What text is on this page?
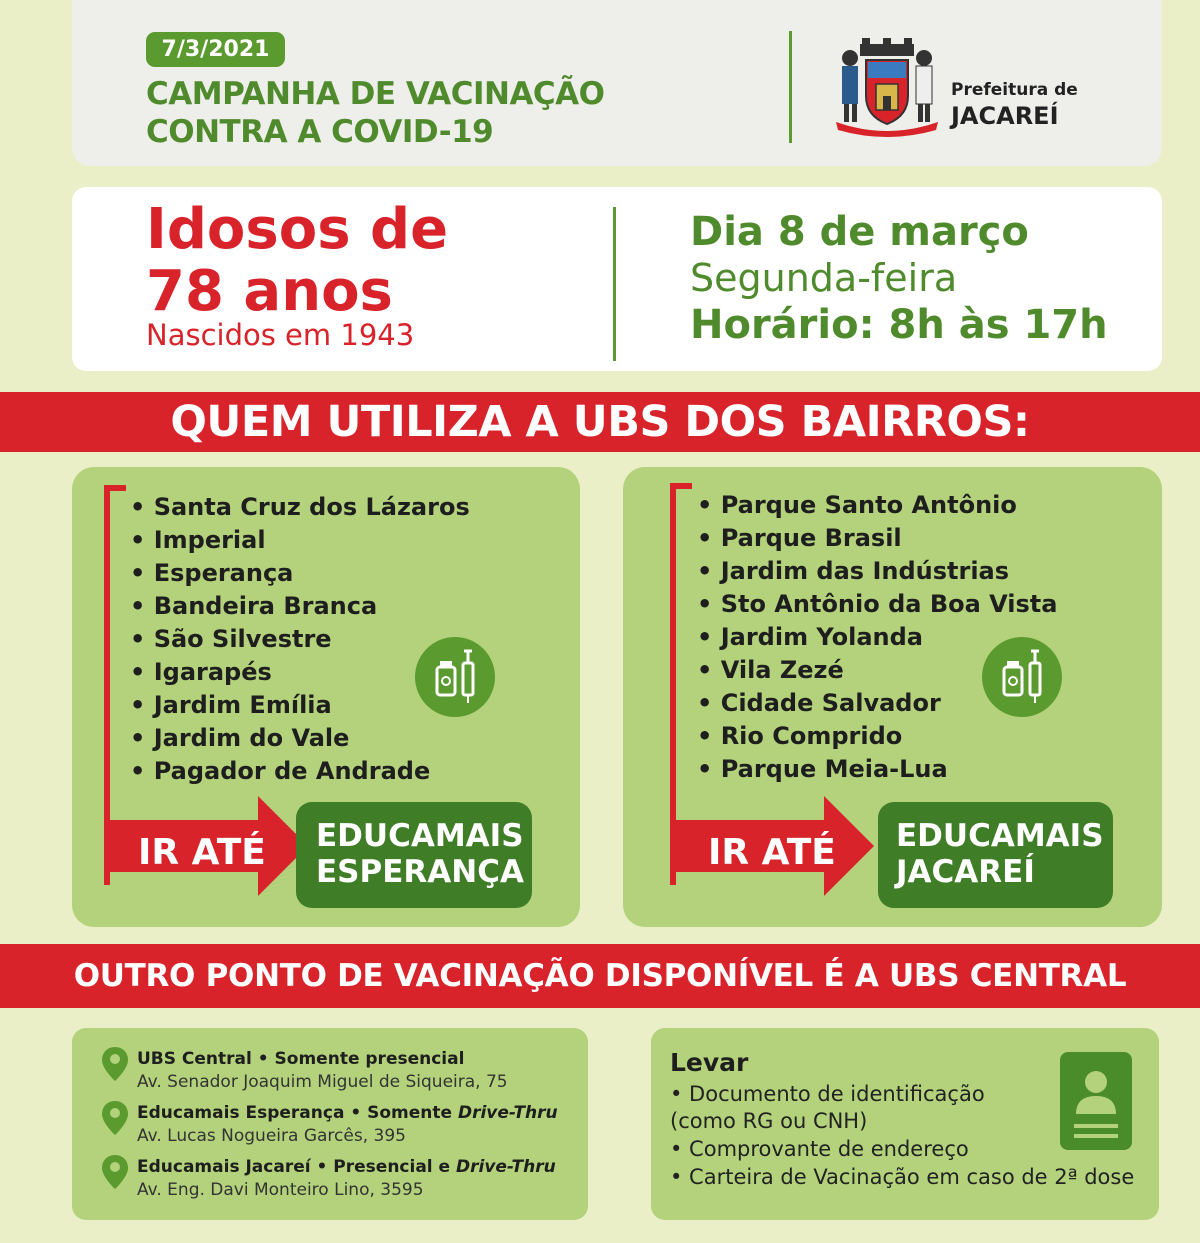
7/3/2021
CAMPANHA DE VACINAÇÃO
CONTRA A COVID-19
Prefeitura de
JACAREÍ
Idosos de
78 anos
Nascidos em 1943
Dia 8 de março
Segunda-feira
Horário: 8h às 17h
QUEM UTILIZA A UBS DOS BAIRROS:
• Santa Cruz dos Lázaros
• Imperial
• Esperança
• Bandeira Branca
• São Silvestre
• Igarapés
• Jardim Emília
• Jardim do Vale
• Pagador de Andrade
IR ATÉ EDUCAMAIS
ESPERANÇA
• Parque Santo Antônio
• Parque Brasil
• Jardim das Indústrias
• Sto Antônio da Boa Vista
• Jardim Yolanda
• Vila Zezé
• Cidade Salvador
• Rio Comprido
• Parque Meia-Lua
IR ATÉ EDUCAMAIS
JACAREÍ
OUTRO PONTO DE VACINAÇÃO DISPONÍVEL É A UBS CENTRAL
UBS Central • Somente presencial
Av. Senador Joaquim Miguel de Siqueira, 75
Educamais Esperança • Somente Drive-Thru
Av. Lucas Nogueira Garcês, 395
Educamais Jacareí • Presencial e Drive-Thru
Av. Eng. Davi Monteiro Lino, 3595
Levar
• Documento de identificação
(como RG ou CNH)
• Comprovante de endereço
• Carteira de Vacinação em caso de 2ª dose
